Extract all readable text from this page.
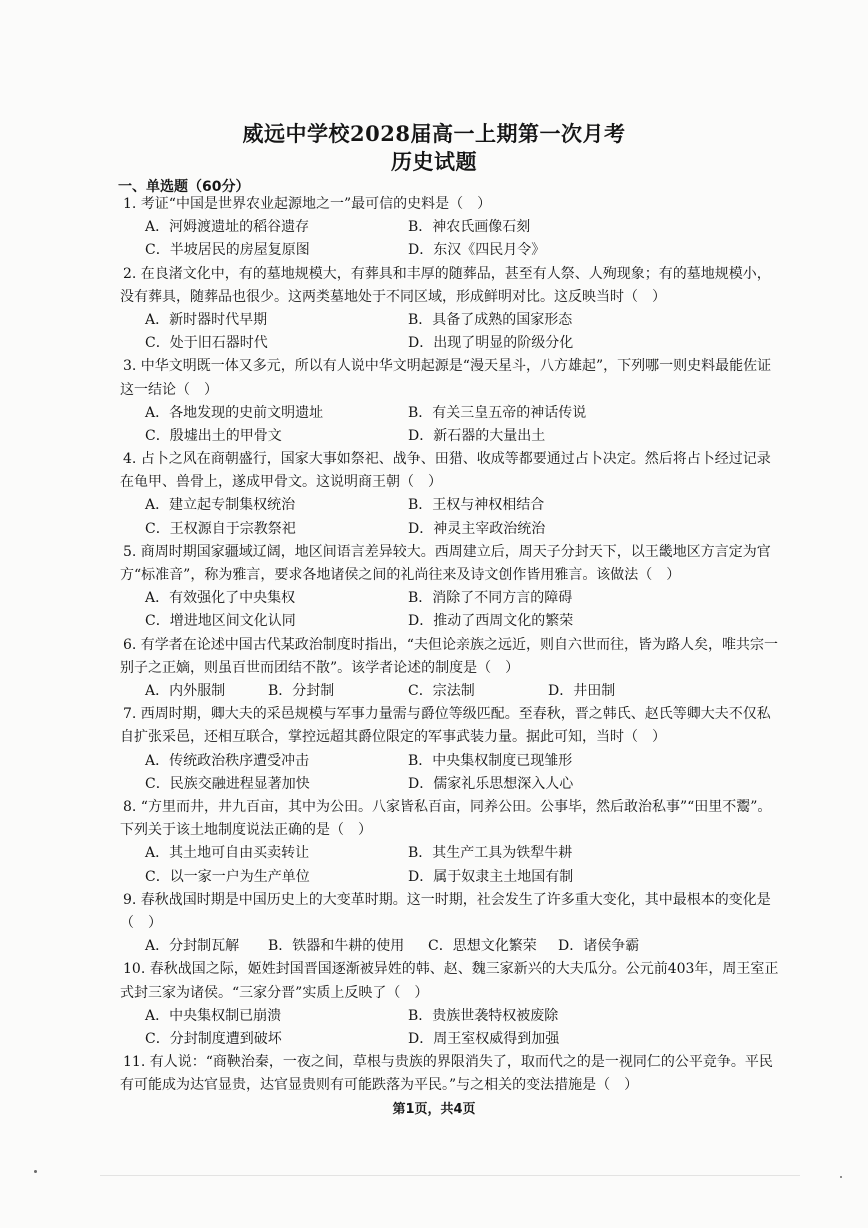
威远中学校2028届高一上期第一次月考
历史试题
一、单选题（60分）
1. 考证“中国是世界农业起源地之一”最可信的史料是（　）
A．河姆渡遗址的稻谷遗存	B．神农氏画像石刻
C．半坡居民的房屋复原图	D．东汉《四民月令》
2. 在良渚文化中，有的墓地规模大，有葬具和丰厚的随葬品，甚至有人祭、人殉现象；有的墓地规模小，
没有葬具，随葬品也很少。这两类墓地处于不同区域，形成鲜明对比。这反映当时（　）
A．新时器时代早期	B．具备了成熟的国家形态
C．处于旧石器时代	D．出现了明显的阶级分化
3. 中华文明既一体又多元，所以有人说中华文明起源是“漫天星斗，八方雄起”，下列哪一则史料最能佐证
这一结论（　）
A．各地发现的史前文明遗址	B．有关三皇五帝的神话传说
C．殷墟出土的甲骨文	D．新石器的大量出土
4. 占卜之风在商朝盛行，国家大事如祭祀、战争、田猎、收成等都要通过占卜决定。然后将占卜经过记录
在龟甲、兽骨上，遂成甲骨文。这说明商王朝（　）
A．建立起专制集权统治	B．王权与神权相结合
C．王权源自于宗教祭祀	D．神灵主宰政治统治
5. 商周时期国家疆域辽阔，地区间语言差异较大。西周建立后，周天子分封天下，以王畿地区方言定为官
方“标准音”，称为雅言，要求各地诸侯之间的礼尚往来及诗文创作皆用雅言。该做法（　）
A．有效强化了中央集权	B．消除了不同方言的障碍
C．增进地区间文化认同	D．推动了西周文化的繁荣
6. 有学者在论述中国古代某政治制度时指出，“夫但论亲族之远近，则自六世而往，皆为路人矣，唯共宗一
别子之正嫡，则虽百世而团结不散”。该学者论述的制度是（　）
A．内外服制	B．分封制	C．宗法制	D．井田制
7. 西周时期，卿大夫的采邑规模与军事力量需与爵位等级匹配。至春秋，晋之韩氏、赵氏等卿大夫不仅私
自扩张采邑，还相互联合，掌控远超其爵位限定的军事武装力量。据此可知，当时（　）
A．传统政治秩序遭受冲击	B．中央集权制度已现雏形
C．民族交融进程显著加快	D．儒家礼乐思想深入人心
8. “方里而井，井九百亩，其中为公田。八家皆私百亩，同养公田。公事毕，然后敢治私事”“田里不鬻”。
下列关于该土地制度说法正确的是（　）
A．其土地可自由买卖转让	B．其生产工具为铁犁牛耕
C．以一家一户为生产单位	D．属于奴隶主土地国有制
9. 春秋战国时期是中国历史上的大变革时期。这一时期，社会发生了许多重大变化，其中最根本的变化是
（　）
A．分封制瓦解 B．铁器和牛耕的使用 C．思想文化繁荣 D．诸侯争霸
10. 春秋战国之际，姬姓封国晋国逐渐被异姓的韩、赵、魏三家新兴的大夫瓜分。公元前403年，周王室正
式封三家为诸侯。“三家分晋”实质上反映了（　）
A．中央集权制已崩溃	B．贵族世袭特权被废除
C．分封制度遭到破坏	D．周王室权威得到加强
11. 有人说：“商鞅治秦，一夜之间，草根与贵族的界限消失了，取而代之的是一视同仁的公平竞争。平民
有可能成为达官显贵，达官显贵则有可能跌落为平民。”与之相关的变法措施是（　）
第1页，共4页
